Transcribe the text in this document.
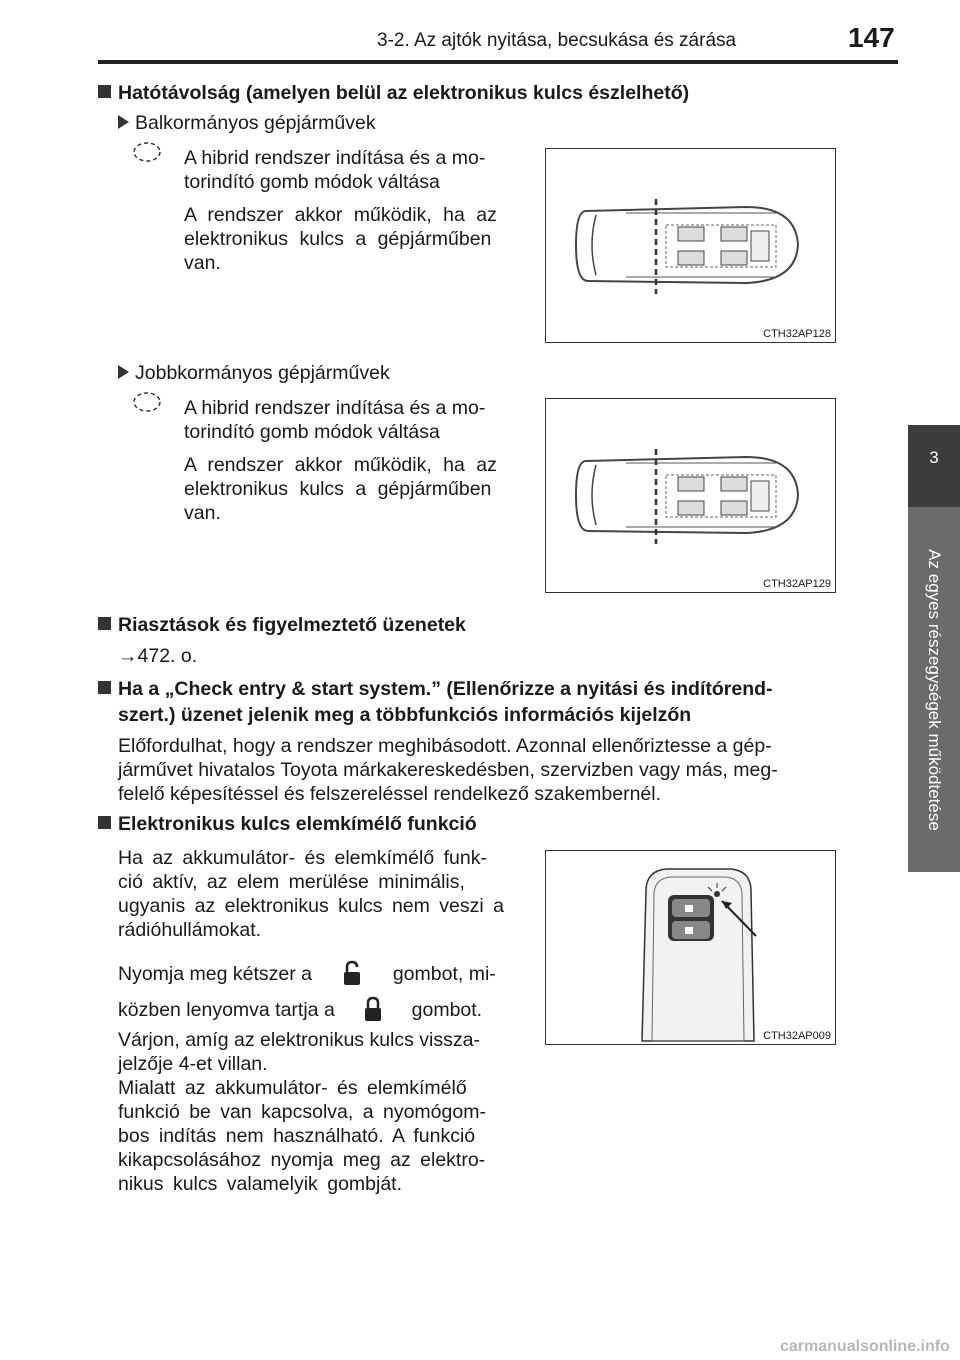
3-2. Az ajtók nyitása, becsukása és zárása	147
3
Az egyes részegységek működtetése
Hatótávolság (amelyen belül az elektronikus kulcs észlelhető)
Balkormányos gépjárművek
A hibrid rendszer indítása és a mo-
torindító gomb módok váltása
A rendszer akkor működik, ha az
elektronikus kulcs a gépjárműben
van.
CTH32AP128
Jobbkormányos gépjárművek
A hibrid rendszer indítása és a mo-
torindító gomb módok váltása
A rendszer akkor működik, ha az
elektronikus kulcs a gépjárműben
van.
CTH32AP129
Riasztások és figyelmeztető üzenetek
→472. o.
Ha a „Check entry & start system.” (Ellenőrizze a nyitási és indítórend-
szert.) üzenet jelenik meg a többfunkciós információs kijelzőn
Előfordulhat, hogy a rendszer meghibásodott. Azonnal ellenőriztesse a gép-
járművet hivatalos Toyota márkakereskedésben, szervizben vagy más, meg-
felelő képesítéssel és felszereléssel rendelkező szakembernél.
Elektronikus kulcs elemkímélő funkció
Ha az akkumulátor- és elemkímélő funk-
ció aktív, az elem merülése minimális,
ugyanis az elektronikus kulcs nem veszi a
rádióhullámokat.
Nyomja meg kétszer a	gombot, mi-
közben lenyomva tartja a	gombot.
Várjon, amíg az elektronikus kulcs vissza-
jelzője 4-et villan.
Mialatt az akkumulátor- és elemkímélő
funkció be van kapcsolva, a nyomógom-
bos indítás nem használható. A funkció
kikapcsolásához nyomja meg az elektro-
nikus kulcs valamelyik gombját.
CTH32AP009
carmanualsonline.info
